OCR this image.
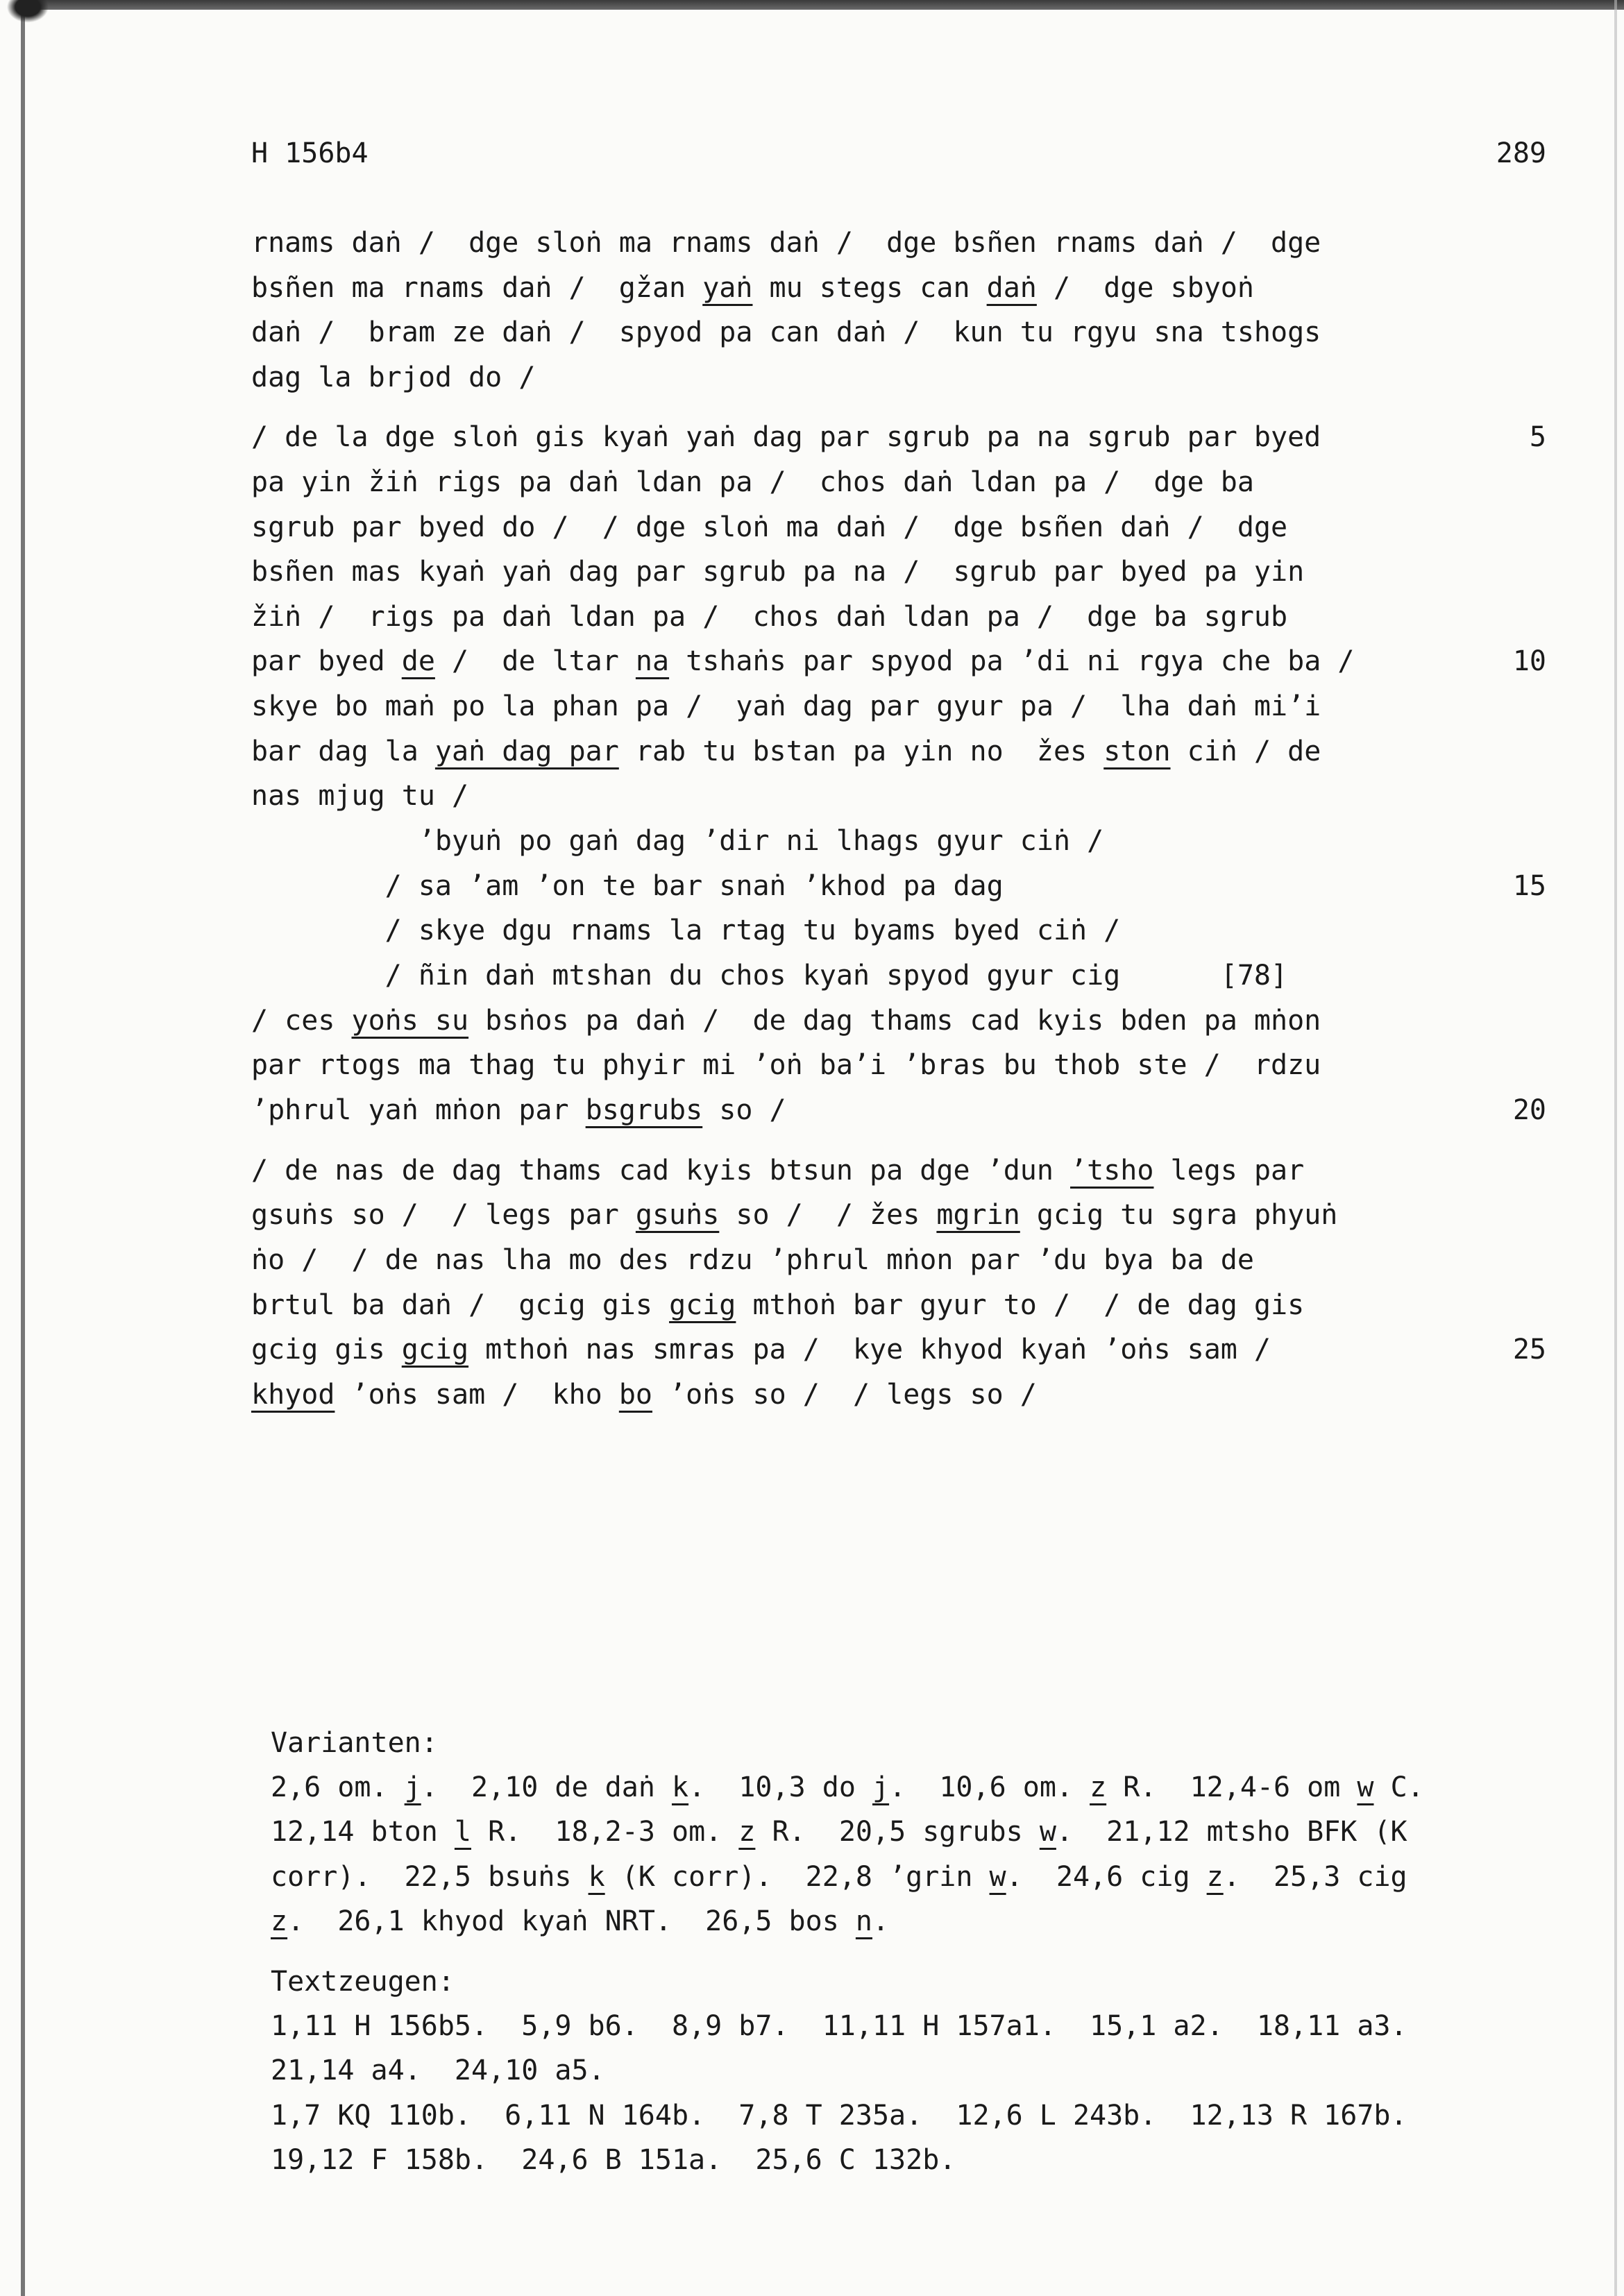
H 156b4	289
rnams daṅ /  dge sloṅ ma rnams daṅ /  dge bsñen rnams daṅ /  dge
bsñen ma rnams daṅ /  gžan yaṅ mu stegs can daṅ /  dge sbyoṅ
daṅ /  bram ze daṅ /  spyod pa can daṅ /  kun tu rgyu sna tshogs
dag la brjod do /
/ de la dge sloṅ gis kyaṅ yaṅ dag par sgrub pa na sgrub par byed
pa yin žiṅ rigs pa daṅ ldan pa /  chos daṅ ldan pa /  dge ba
sgrub par byed do /  / dge sloṅ ma daṅ /  dge bsñen daṅ /  dge
bsñen mas kyaṅ yaṅ dag par sgrub pa na /  sgrub par byed pa yin
žiṅ /  rigs pa daṅ ldan pa /  chos daṅ ldan pa /  dge ba sgrub
par byed de /  de ltar na tshaṅs par spyod pa ’di ni rgya che ba /
skye bo maṅ po la phan pa /  yaṅ dag par gyur pa /  lha daṅ mi’i
bar dag la yaṅ dag par rab tu bstan pa yin no  žes ston ciṅ / de
nas mjug tu /
’byuṅ po gaṅ dag ’dir ni lhags gyur ciṅ /
/ sa ’am ’on te bar snaṅ ’khod pa dag
/ skye dgu rnams la rtag tu byams byed ciṅ /
/ ñin daṅ mtshan du chos kyaṅ spyod gyur cig      [78]
/ ces yoṅs su bsṅos pa daṅ /  de dag thams cad kyis bden pa mṅon
par rtogs ma thag tu phyir mi ’oṅ ba’i ’bras bu thob ste /  rdzu
’phrul yaṅ mṅon par bsgrubs so /
/ de nas de dag thams cad kyis btsun pa dge ’dun ’tsho legs par
gsuṅs so /  / legs par gsuṅs so /  / žes mgrin gcig tu sgra phyuṅ
ṅo /  / de nas lha mo des rdzu ’phrul mṅon par ’du bya ba de
brtul ba daṅ /  gcig gis gcig mthoṅ bar gyur to /  / de dag gis
gcig gis gcig mthoṅ nas smras pa /  kye khyod kyaṅ ’oṅs sam /
khyod ’oṅs sam /  kho bo ’oṅs so /  / legs so /
5
10
15
20
25
Varianten:
2,6 om. j.  2,10 de daṅ k.  10,3 do j.  10,6 om. z R.  12,4-6 om w C.
12,14 bton l R.  18,2-3 om. z R.  20,5 sgrubs w.  21,12 mtsho BFK (K
corr).  22,5 bsuṅs k (K corr).  22,8 ’grin w.  24,6 cig z.  25,3 cig
z.  26,1 khyod kyaṅ NRT.  26,5 bos n.
Textzeugen:
1,11 H 156b5.  5,9 b6.  8,9 b7.  11,11 H 157a1.  15,1 a2.  18,11 a3.
21,14 a4.  24,10 a5.
1,7 KQ 110b.  6,11 N 164b.  7,8 T 235a.  12,6 L 243b.  12,13 R 167b.
19,12 F 158b.  24,6 B 151a.  25,6 C 132b.
